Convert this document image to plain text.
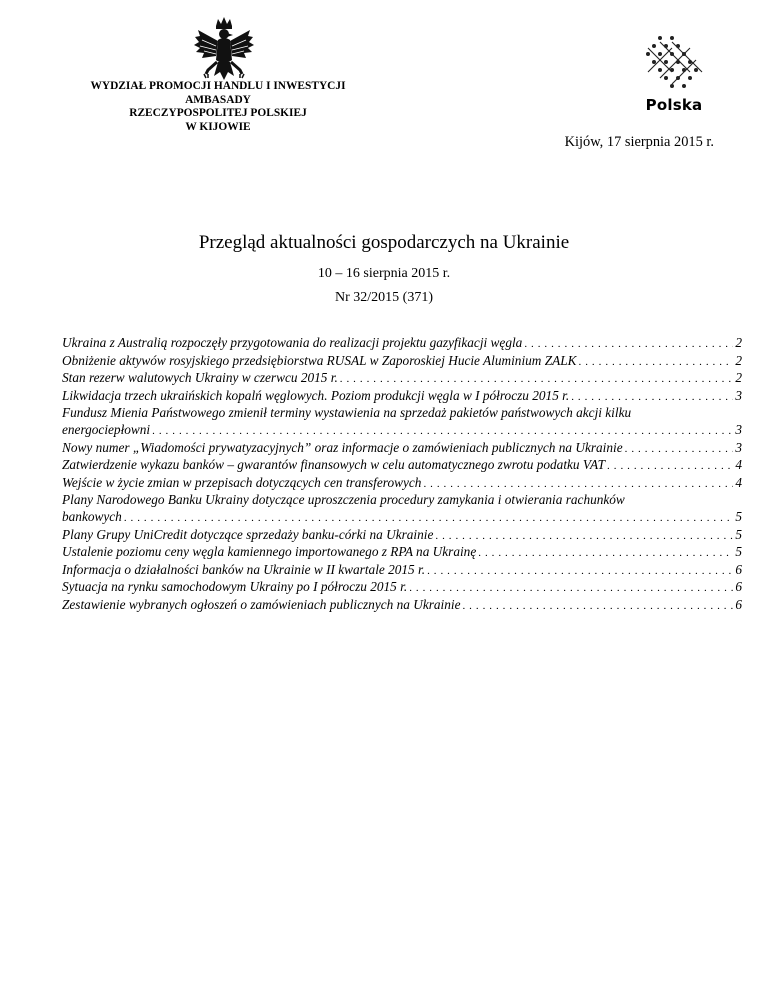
WYDZIAŁ PROMOCJI HANDLU I INWESTYCJI
AMBASADY
RZECZYPOSPOLITEJ POLSKIEJ
W KIJOWIE
Polska
Kijów, 17 sierpnia 2015 r.
Przegląd aktualności gospodarczych na Ukrainie
10 – 16 sierpnia 2015 r.
Nr 32/2015 (371)
Ukraina z Australią rozpoczęły przygotowania do realizacji projektu gazyfikacji węgla . . .	2
Obniżenie aktywów rosyjskiego przedsiębiorstwa RUSAL w Zaporoskiej Hucie Aluminium ZALK . . .	2
Stan rezerw walutowych Ukrainy w czerwcu 2015 r. . . .	2
Likwidacja trzech ukraińskich kopalń węglowych. Poziom produkcji węgla w I półroczu 2015 r. . . .	3
Fundusz Mienia Państwowego zmienił terminy wystawienia na sprzedaż pakietów państwowych akcji kilku
energociepłowni . . .	3
Nowy numer „Wiadomości prywatyzacyjnych” oraz informacje o zamówieniach publicznych na Ukrainie . . .	3
Zatwierdzenie wykazu banków – gwarantów finansowych w celu automatycznego zwrotu podatku VAT . . .	4
Wejście w życie zmian w przepisach dotyczących cen transferowych . . .	4
Plany Narodowego Banku Ukrainy dotyczące uproszczenia procedury zamykania i otwierania rachunków
bankowych . . .	5
Plany Grupy UniCredit dotyczące sprzedaży banku-córki na Ukrainie . . .	5
Ustalenie poziomu ceny węgla kamiennego importowanego z RPA na Ukrainę . . .	5
Informacja o działalności banków na Ukrainie w II kwartale 2015 r. . . .	6
Sytuacja na rynku samochodowym Ukrainy po I półroczu 2015 r. . . .	6
Zestawienie wybranych ogłoszeń o zamówieniach publicznych na Ukrainie . . .	6
